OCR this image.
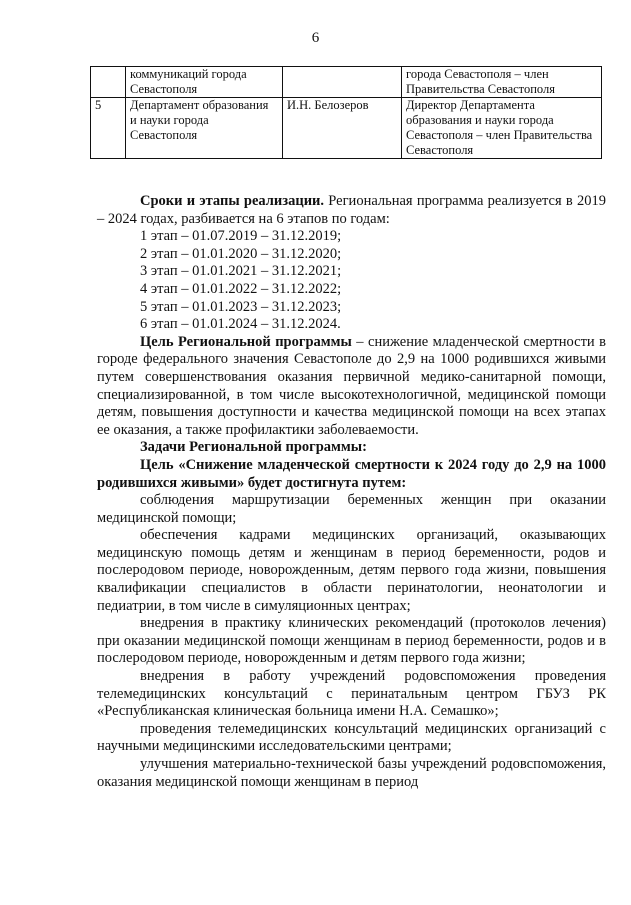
6
	коммуникаций города Севастополя		города Севастополя – член Правительства Севастополя
5	Департамент образования и науки города Севастополя	И.Н. Белозеров	Директор Департамента образования и науки города Севастополя – член Правительства Севастополя

Сроки и этапы реализации. Региональная программа реализуется в 2019 – 2024 годах, разбивается на 6 этапов по годам:

1 этап – 01.07.2019 – 31.12.2019;

2 этап – 01.01.2020 – 31.12.2020;

3 этап – 01.01.2021 – 31.12.2021;

4 этап – 01.01.2022 – 31.12.2022;

5 этап – 01.01.2023 – 31.12.2023;

6 этап – 01.01.2024 – 31.12.2024.

Цель Региональной программы – снижение младенческой смертности в городе федерального значения Севастополе до 2,9 на 1000 родившихся живыми путем совершенствования оказания первичной медико-санитарной помощи, специализированной, в том числе высокотехнологичной, медицинской помощи детям, повышения доступности и качества медицинской помощи на всех этапах ее оказания, а также профилактики заболеваемости.

Задачи Региональной программы:

Цель «Снижение младенческой смертности к 2024 году до 2,9 на 1000 родившихся живыми» будет достигнута путем:

соблюдения маршрутизации беременных женщин при оказании медицинской помощи;

обеспечения кадрами медицинских организаций, оказывающих медицинскую помощь детям и женщинам в период беременности, родов и послеродовом периоде, новорожденным, детям первого года жизни, повышения квалификации специалистов в области перинатологии, неонатологии и педиатрии, в том числе в симуляционных центрах;

внедрения в практику клинических рекомендаций (протоколов лечения) при оказании медицинской помощи женщинам в период беременности, родов и в послеродовом периоде, новорожденным и детям первого года жизни;

внедрения в работу учреждений родовспоможения проведения телемедицинских консультаций с перинатальным центром ГБУЗ РК «Республиканская клиническая больница имени Н.А. Семашко»;

проведения телемедицинских консультаций медицинских организаций с научными медицинскими исследовательскими центрами;

улучшения материально-технической базы учреждений родовспоможения, оказания медицинской помощи женщинам в период
